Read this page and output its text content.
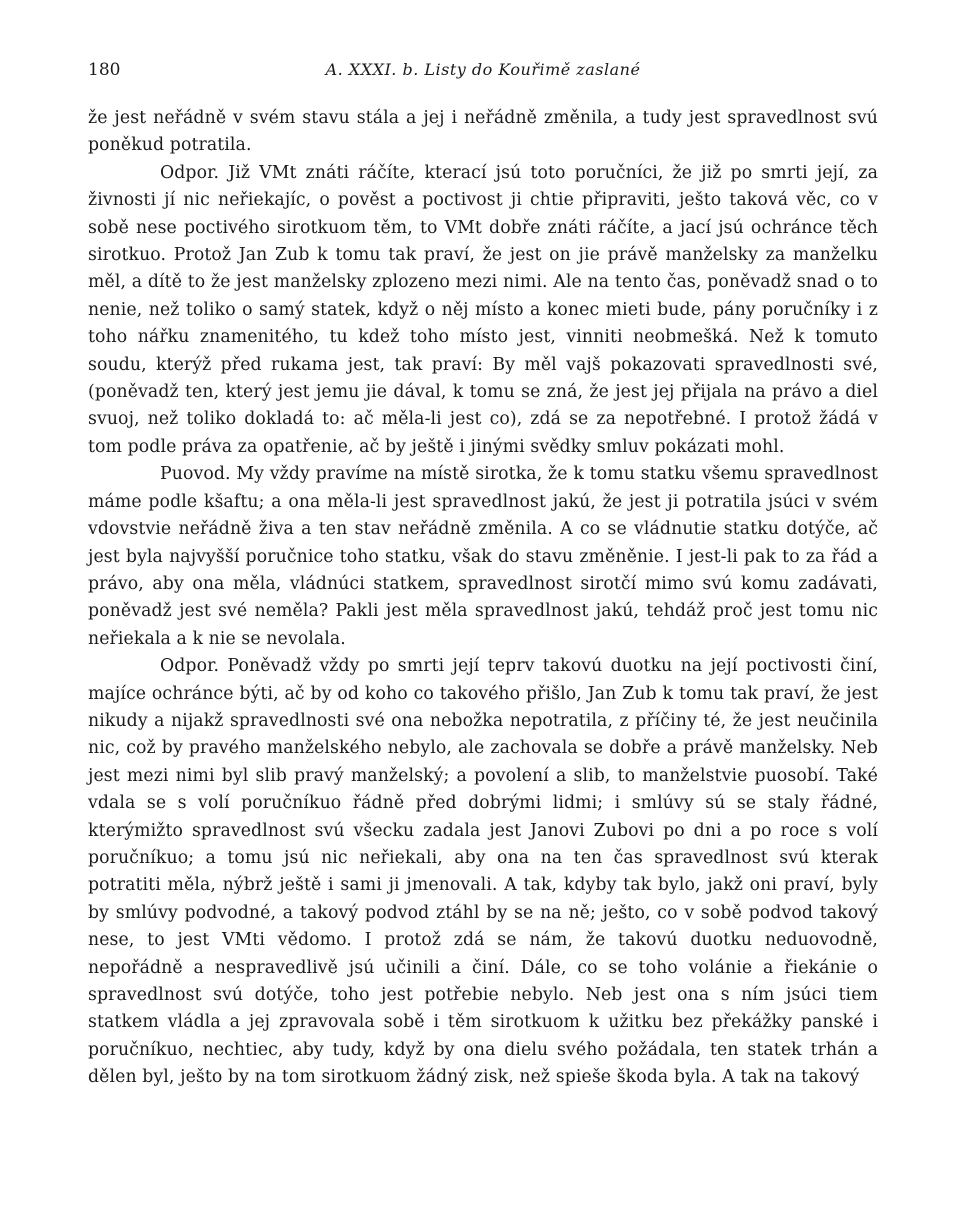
180	A. XXXI. b. Listy do Kouřimě zaslané

že jest neřádně v svém stavu stála a jej i neřádně změnila, a tudy jest spravedlnost svú poněkud potratila.

Odpor. Již VMt znáti ráčíte, kterací jsú toto poručníci, že již po smrti její, za živnosti jí nic neřiekajíc, o pověst a poctivost ji chtie připraviti, ješto taková věc, co v sobě nese poctivého sirotkuom těm, to VMt dobře znáti ráčíte, a jací jsú ochránce těch sirotkuo. Protož Jan Zub k tomu tak praví, že jest on jie právě manželsky za manželku měl, a dítě to že jest manželsky zplozeno mezi nimi. Ale na tento čas, poněvadž snad o to nenie, než toliko o samý statek, když o něj místo a konec mieti bude, pány poručníky i z toho nářku znamenitého, tu kdež toho místo jest, vinniti neobmešká. Než k tomuto soudu, kterýž před rukama jest, tak praví: By měl vajš pokazovati spravedlnosti své, (poněvadž ten, který jest jemu jie dával, k tomu se zná, že jest jej přijala na právo a diel svuoj, než toliko dokladá to: ač měla-li jest co), zdá se za nepotřebné. I protož žádá v tom podle práva za opatřenie, ač by ještě i jinými svědky smluv pokázati mohl.

Puovod. My vždy pravíme na místě sirotka, že k tomu statku všemu spravedlnost máme podle kšaftu; a ona měla-li jest spravedlnost jakú, že jest ji potratila jsúci v svém vdovstvie neřádně živa a ten stav neřádně změnila. A co se vládnutie statku dotýče, ač jest byla najvyšší poručnice toho statku, však do stavu změněnie. I jest-li pak to za řád a právo, aby ona měla, vládnúci statkem, spravedlnost sirotčí mimo svú komu zadávati, poněvadž jest své neměla? Pakli jest měla spravedlnost jakú, tehdáž proč jest tomu nic neřiekala a k nie se nevolala.

Odpor. Poněvadž vždy po smrti její teprv takovú duotku na její poctivosti činí, majíce ochránce býti, ač by od koho co takového přišlo, Jan Zub k tomu tak praví, že jest nikudy a nijakž spravedlnosti své ona nebožka nepotratila, z příčiny té, že jest neučinila nic, což by pravého manželského nebylo, ale zachovala se dobře a právě manželsky. Neb jest mezi nimi byl slib pravý manželský; a povolení a slib, to manželstvie puosobí. Také vdala se s volí poručníkuo řádně před dobrými lidmi; i smlúvy sú se staly řádné, kterýmižto spravedlnost svú všecku zadala jest Janovi Zubovi po dni a po roce s volí poručníkuo; a tomu jsú nic neřiekali, aby ona na ten čas spravedlnost svú kterak potratiti měla, nýbrž ještě i sami ji jmenovali. A tak, kdyby tak bylo, jakž oni praví, byly by smlúvy podvodné, a takový podvod ztáhl by se na ně; ješto, co v sobě podvod takový nese, to jest VMti vědomo. I protož zdá se nám, že takovú duotku neduovodně, nepořádně a nespravedlivě jsú učinili a činí. Dále, co se toho volánie a řiekánie o spravedlnost svú dotýče, toho jest potřebie nebylo. Neb jest ona s ním jsúci tiem statkem vládla a jej zpravovala sobě i těm sirotkuom k užitku bez překážky panské i poručníkuo, nechtiec, aby tudy, když by ona dielu svého požádala, ten statek trhán a dělen byl, ješto by na tom sirotkuom žádný zisk, než spieše škoda byla. A tak na takový
